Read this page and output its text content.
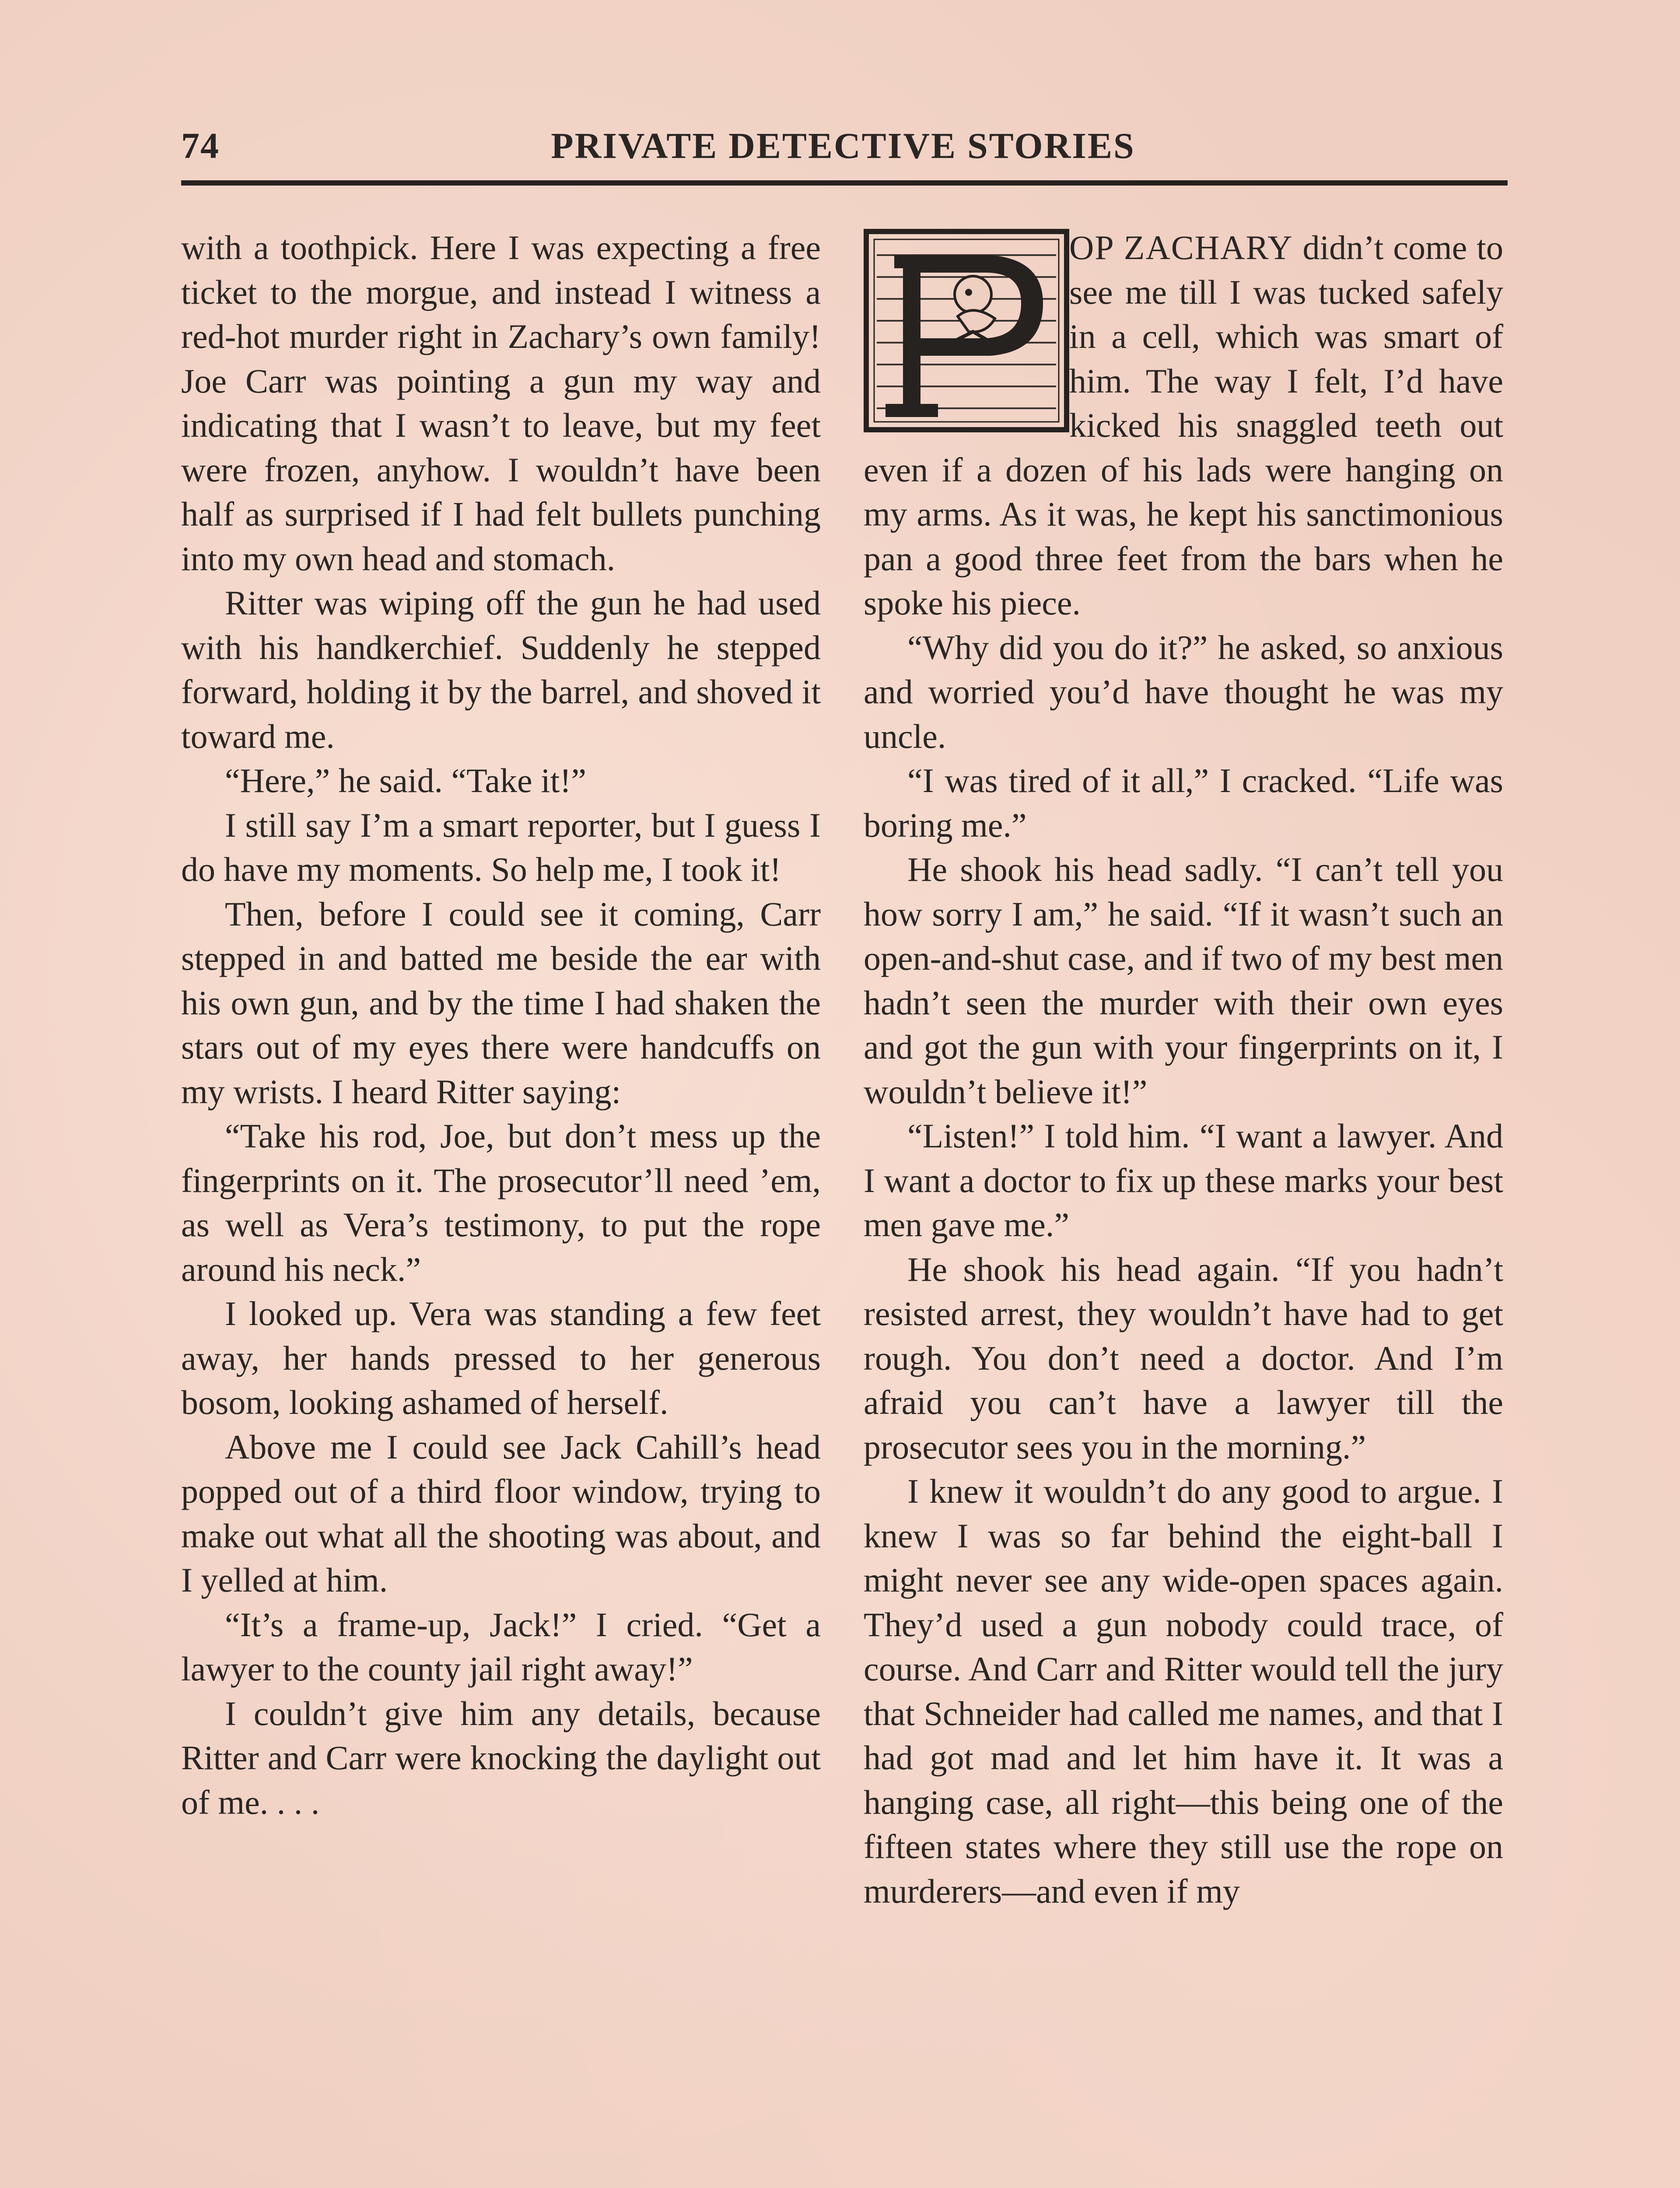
PRIVATE DETECTIVE STORIES
74

with a toothpick. Here I was expecting a free ticket to the morgue, and instead I witness a red-hot murder right in Zachary’s own family! Joe Carr was pointing a gun my way and indicating that I wasn’t to leave, but my feet were frozen, anyhow. I wouldn’t have been half as surprised if I had felt bullets punching into my own head and stomach.

Ritter was wiping off the gun he had used with his handkerchief. Suddenly he stepped forward, holding it by the barrel, and shoved it toward me.

“Here,” he said. “Take it!”

I still say I’m a smart reporter, but I guess I do have my moments. So help me, I took it!

Then, before I could see it coming, Carr stepped in and batted me beside the ear with his own gun, and by the time I had shaken the stars out of my eyes there were handcuffs on my wrists. I heard Ritter saying:

“Take his rod, Joe, but don’t mess up the fingerprints on it. The prosecutor’ll need ’em, as well as Vera’s testimony, to put the rope around his neck.”

I looked up. Vera was standing a few feet away, her hands pressed to her generous bosom, looking ashamed of herself.

Above me I could see Jack Cahill’s head popped out of a third floor window, trying to make out what all the shooting was about, and I yelled at him.

“It’s a frame-up, Jack!” I cried. “Get a lawyer to the county jail right away!”

I couldn’t give him any details, because Ritter and Carr were knocking the daylight out of me. . . .

OP ZACHARY didn’t come to see me till I was tucked safely in a cell, which was smart of him. The way I felt, I’d have kicked his snaggled teeth out even if a dozen of his lads were hanging on my arms. As it was, he kept his sanctimonious pan a good three feet from the bars when he spoke his piece.

“Why did you do it?” he asked, so anxious and worried you’d have thought he was my uncle.

“I was tired of it all,” I cracked. “Life was boring me.”

He shook his head sadly. “I can’t tell you how sorry I am,” he said. “If it wasn’t such an open-and-shut case, and if two of my best men hadn’t seen the murder with their own eyes and got the gun with your fingerprints on it, I wouldn’t believe it!”

“Listen!” I told him. “I want a lawyer. And I want a doctor to fix up these marks your best men gave me.”

He shook his head again. “If you hadn’t resisted arrest, they wouldn’t have had to get rough. You don’t need a doctor. And I’m afraid you can’t have a lawyer till the prosecutor sees you in the morning.”

I knew it wouldn’t do any good to argue. I knew I was so far behind the eight-ball I might never see any wide-open spaces again. They’d used a gun nobody could trace, of course. And Carr and Ritter would tell the jury that Schneider had called me names, and that I had got mad and let him have it. It was a hanging case, all right—this being one of the fifteen states where they still use the rope on murderers—and even if my
